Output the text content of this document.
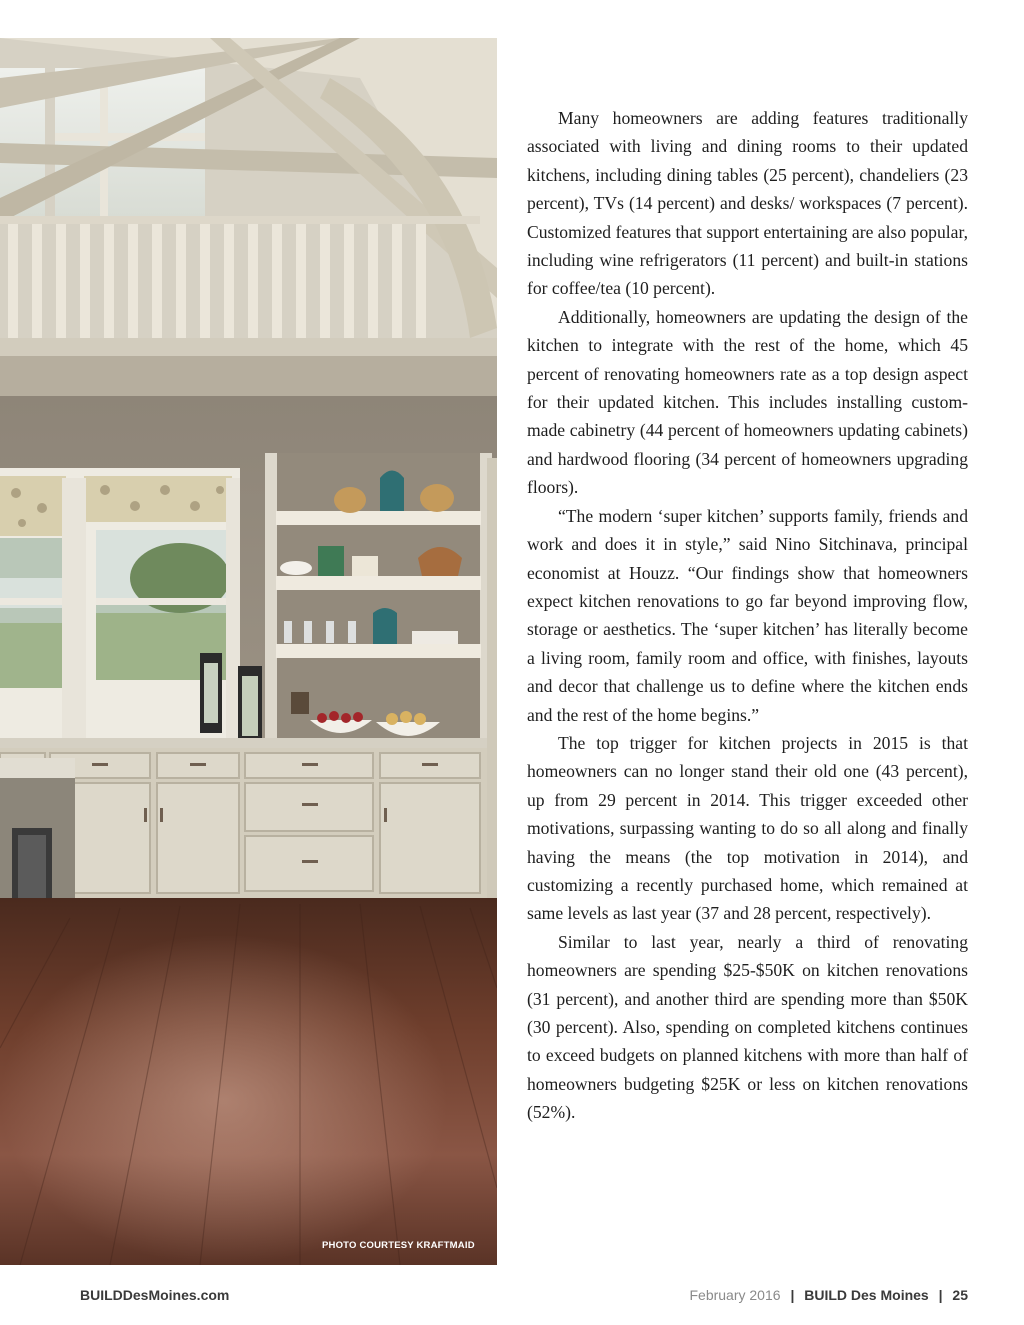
PHOTO COURTESY KRAFTMAID

Many homeowners are adding features traditionally associated with living and dining rooms to their updated kitchens, including dining tables (25 percent), chandeliers (23 percent), TVs (14 percent) and desks/ workspaces (7 percent). Customized features that support entertaining are also popular, including wine refrigerators (11 percent) and built-in stations for coffee/tea (10 percent).

Additionally, homeowners are updating the design of the kitchen to integrate with the rest of the home, which 45 percent of renovating homeowners rate as a top design aspect for their updated kitchen. This includes installing custom-made cabinetry (44 percent of homeowners updating cabinets) and hardwood flooring (34 percent of homeowners upgrading floors).

“The modern ‘super kitchen’ supports family, friends and work and does it in style,” said Nino Sitchinava, principal economist at Houzz. “Our findings show that homeowners expect kitchen renovations to go far beyond improving flow, storage or aesthetics. The ‘super kitchen’ has literally become a living room, family room and office, with finishes, layouts and decor that challenge us to define where the kitchen ends and the rest of the home begins.”

The top trigger for kitchen projects in 2015 is that homeowners can no longer stand their old one (43 percent), up from 29 percent in 2014. This trigger exceeded other motivations, surpassing wanting to do so all along and finally having the means (the top motivation in 2014), and customizing a recently purchased home, which remained at same levels as last year (37 and 28 percent, respectively).

Similar to last year, nearly a third of renovating homeowners are spending $25-$50K on kitchen renovations (31 percent), and another third are spending more than $50K (30 percent). Also, spending on completed kitchens continues to exceed budgets on planned kitchens with more than half of homeowners budgeting $25K or less on kitchen renovations (52%).

BUILDDesMoines.com	February 2016 | BUILD Des Moines | 25
